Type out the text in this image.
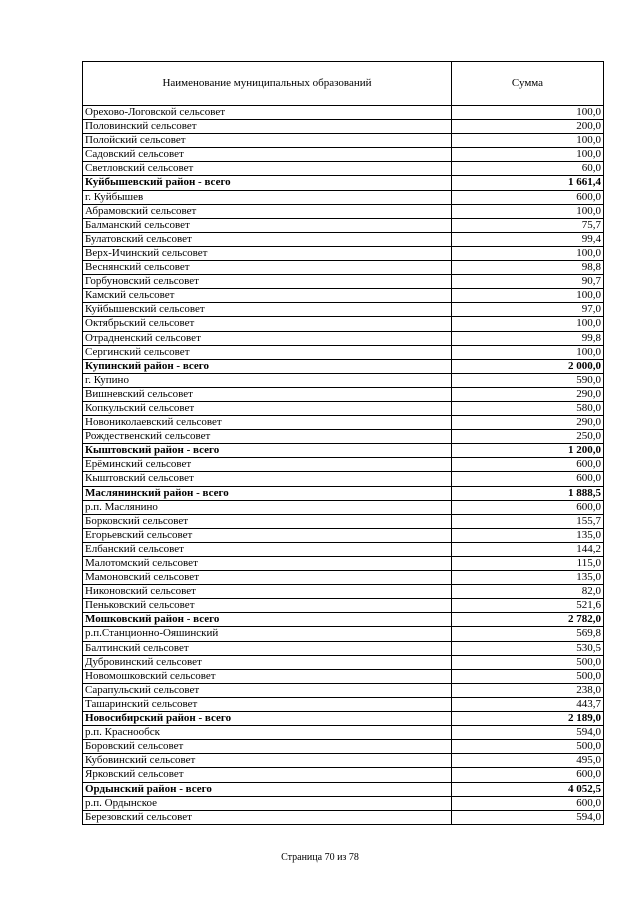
Наименование муниципальных образований	Сумма
Орехово-Логовской сельсовет	100,0
Половинский сельсовет	200,0
Полойский сельсовет	100,0
Садовский сельсовет	100,0
Светловский сельсовет	60,0
Куйбышевский район - всего	1 661,4
г. Куйбышев	600,0
Абрамовский сельсовет	100,0
Балманский сельсовет	75,7
Булатовский сельсовет	99,4
Верх-Ичинский сельсовет	100,0
Веснянский сельсовет	98,8
Горбуновский сельсовет	90,7
Камский сельсовет	100,0
Куйбышевский сельсовет	97,0
Октябрьский сельсовет	100,0
Отрадненский сельсовет	99,8
Сергинский сельсовет	100,0
Купинский район - всего	2 000,0
г. Купино	590,0
Вишневский сельсовет	290,0
Копкульский сельсовет	580,0
Новониколаевский сельсовет	290,0
Рождественский сельсовет	250,0
Кыштовский район - всего	1 200,0
Ерёминский сельсовет	600,0
Кыштовский сельсовет	600,0
Маслянинский район - всего	1 888,5
р.п. Маслянино	600,0
Борковский сельсовет	155,7
Егорьевский сельсовет	135,0
Елбанский сельсовет	144,2
Малотомский сельсовет	115,0
Мамоновский сельсовет	135,0
Никоновский сельсовет	82,0
Пеньковский сельсовет	521,6
Мошковский район - всего	2 782,0
р.п.Станционно-Ояшинский	569,8
Балтинский сельсовет	530,5
Дубровинский сельсовет	500,0
Новомошковский сельсовет	500,0
Сарапульский сельсовет	238,0
Ташаринский сельсовет	443,7
Новосибирский район - всего	2 189,0
р.п. Краснообск	594,0
Боровский сельсовет	500,0
Кубовинский сельсовет	495,0
Ярковский сельсовет	600,0
Ордынский район - всего	4 052,5
р.п. Ордынское	600,0
Березовский сельсовет	594,0
Страница 70 из 78
